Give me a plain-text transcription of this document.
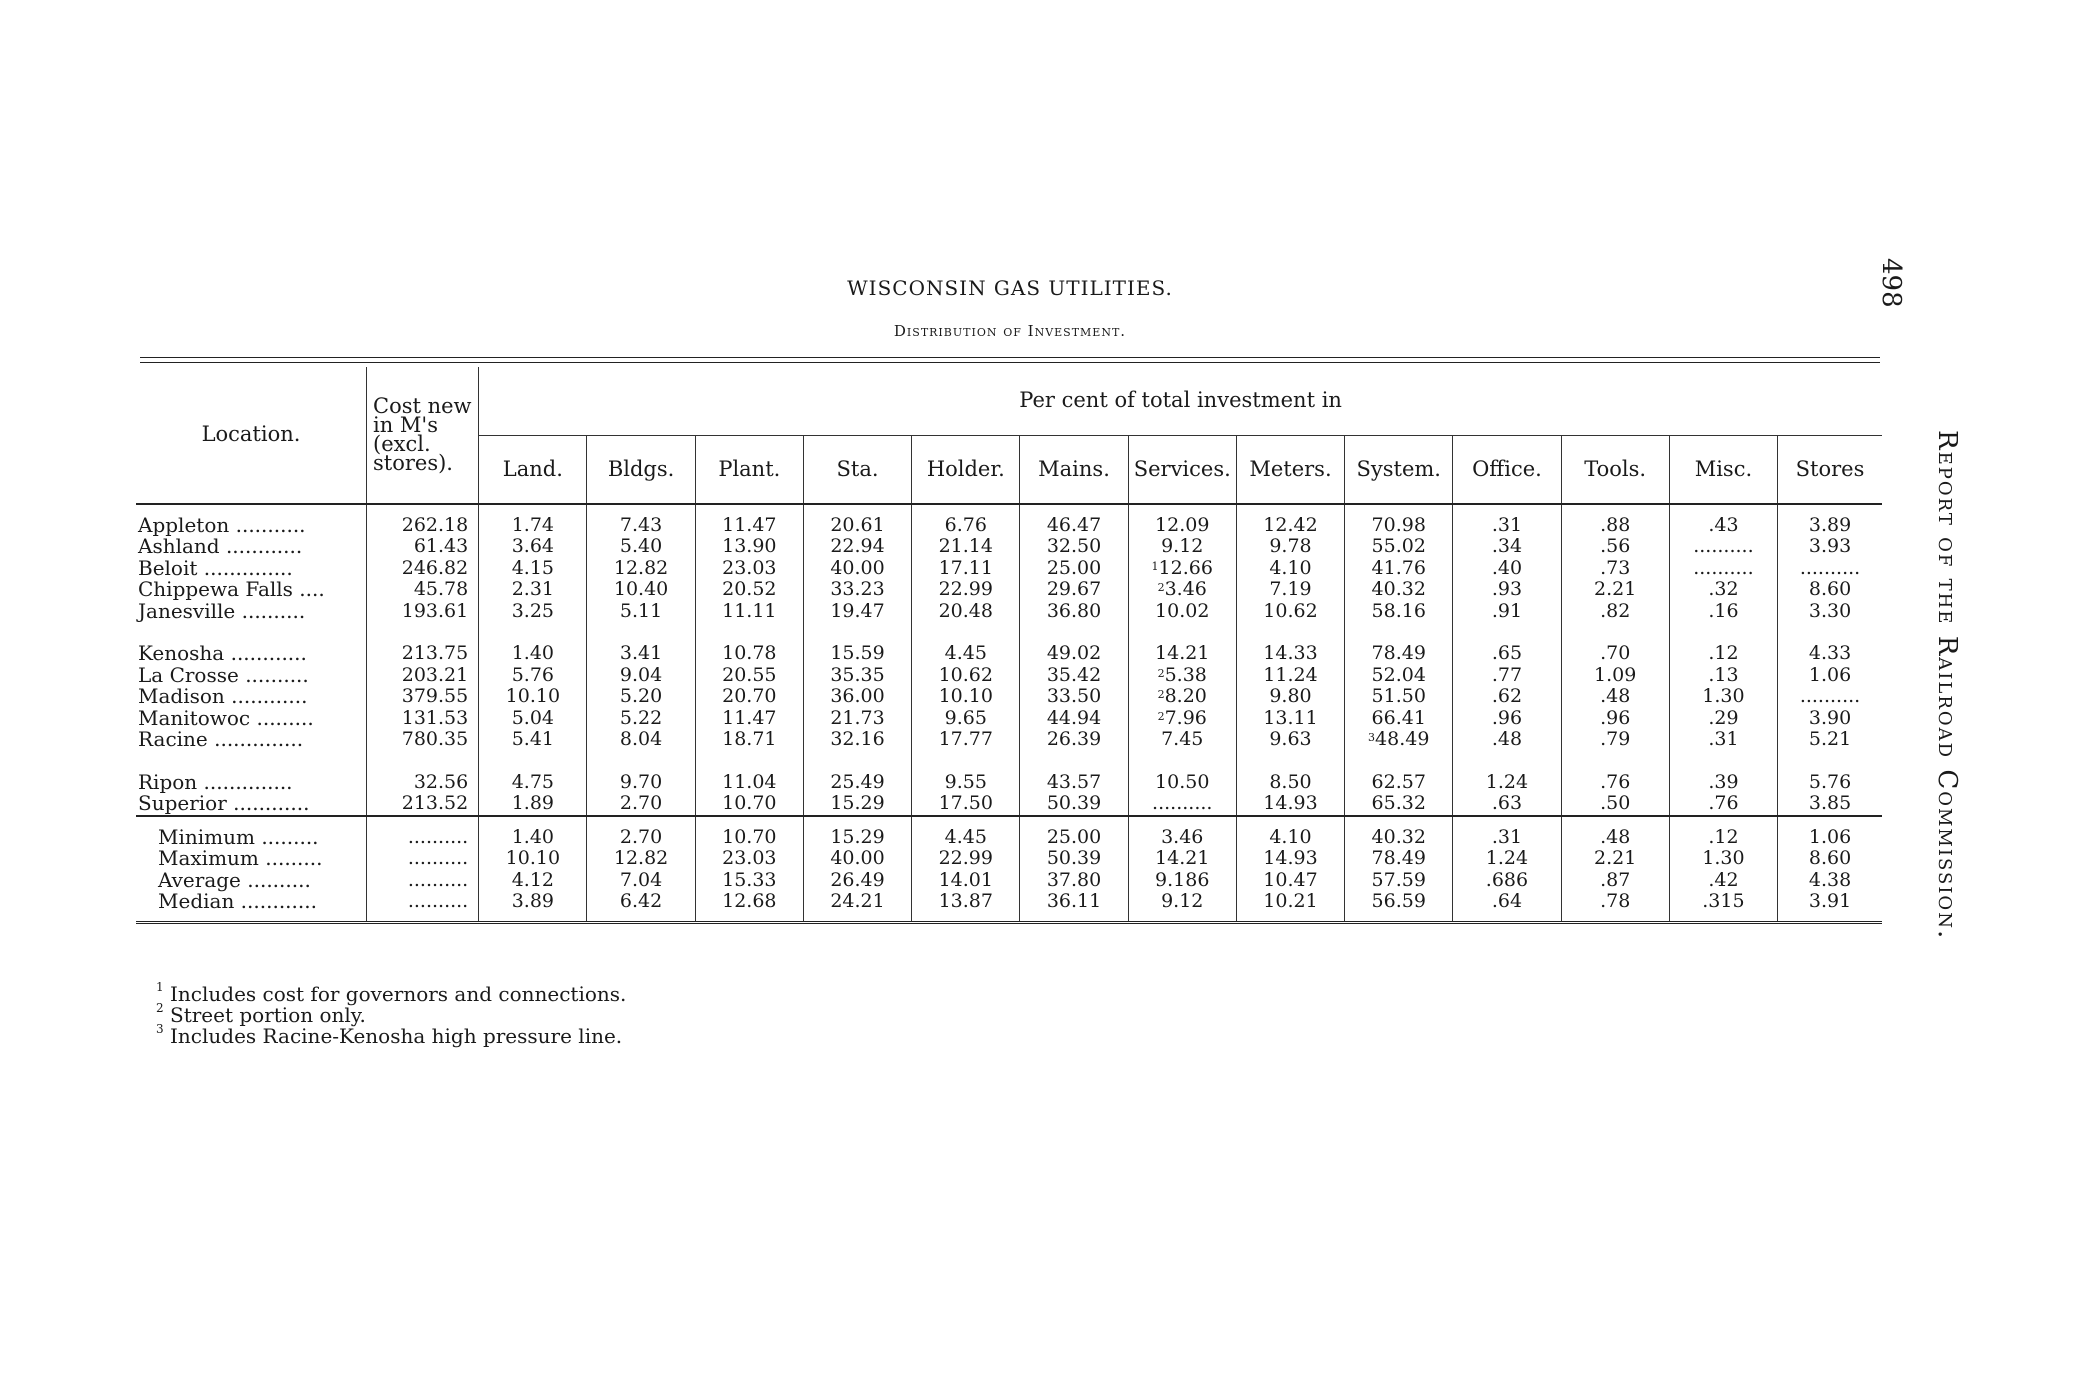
WISCONSIN GAS UTILITIES.
Distribution of Investment.
Location.	Cost new
in M's
(excl.
stores).	Per cent of total investment in												
		Land.	Bldgs.	Plant.	Sta.	Holder.	Mains.	Services.	Meters.	System.	Office.	Tools.	Misc.	Stores

Appleton ...........	262.18	1.74	7.43	11.47	20.61	6.76	46.47	12.09	12.42	70.98	.31	.88	.43	3.89
Ashland ............	61.43	3.64	5.40	13.90	22.94	21.14	32.50	9.12	9.78	55.02	.34	.56	..........	3.93
Beloit ..............	246.82	4.15	12.82	23.03	40.00	17.11	25.00	$^1$12.66	4.10	41.76	.40	.73	..........	..........
Chippewa Falls ....	45.78	2.31	10.40	20.52	33.23	22.99	29.67	$^2$3.46	7.19	40.32	.93	2.21	.32	8.60
Janesville ..........	193.61	3.25	5.11	11.11	19.47	20.48	36.80	10.02	10.62	58.16	.91	.82	.16	3.30

Kenosha ............	213.75	1.40	3.41	10.78	15.59	4.45	49.02	14.21	14.33	78.49	.65	.70	.12	4.33
La Crosse ..........	203.21	5.76	9.04	20.55	35.35	10.62	35.42	$^2$5.38	11.24	52.04	.77	1.09	.13	1.06
Madison ............	379.55	10.10	5.20	20.70	36.00	10.10	33.50	$^2$8.20	9.80	51.50	.62	.48	1.30	..........
Manitowoc .........	131.53	5.04	5.22	11.47	21.73	9.65	44.94	$^2$7.96	13.11	66.41	.96	.96	.29	3.90
Racine ..............	780.35	5.41	8.04	18.71	32.16	17.77	26.39	7.45	9.63	$^3$48.49	.48	.79	.31	5.21

Ripon ..............	32.56	4.75	9.70	11.04	25.49	9.55	43.57	10.50	8.50	62.57	1.24	.76	.39	5.76
Superior ............	213.52	1.89	2.70	10.70	15.29	17.50	50.39	..........	14.93	65.32	.63	.50	.76	3.85

Minimum .........	..........	1.40	2.70	10.70	15.29	4.45	25.00	3.46	4.10	40.32	.31	.48	.12	1.06
Maximum .........	..........	10.10	12.82	23.03	40.00	22.99	50.39	14.21	14.93	78.49	1.24	2.21	1.30	8.60
Average ..........	..........	4.12	7.04	15.33	26.49	14.01	37.80	9.186	10.47	57.59	.686	.87	.42	4.38
Median ............	..........	3.89	6.42	12.68	24.21	13.87	36.11	9.12	10.21	56.59	.64	.78	.315	3.91

$^1$ Includes cost for governors and connections.
$^2$ Street portion only.
$^3$ Includes Racine-Kenosha high pressure line.
498
Report of the Railroad Commission.
